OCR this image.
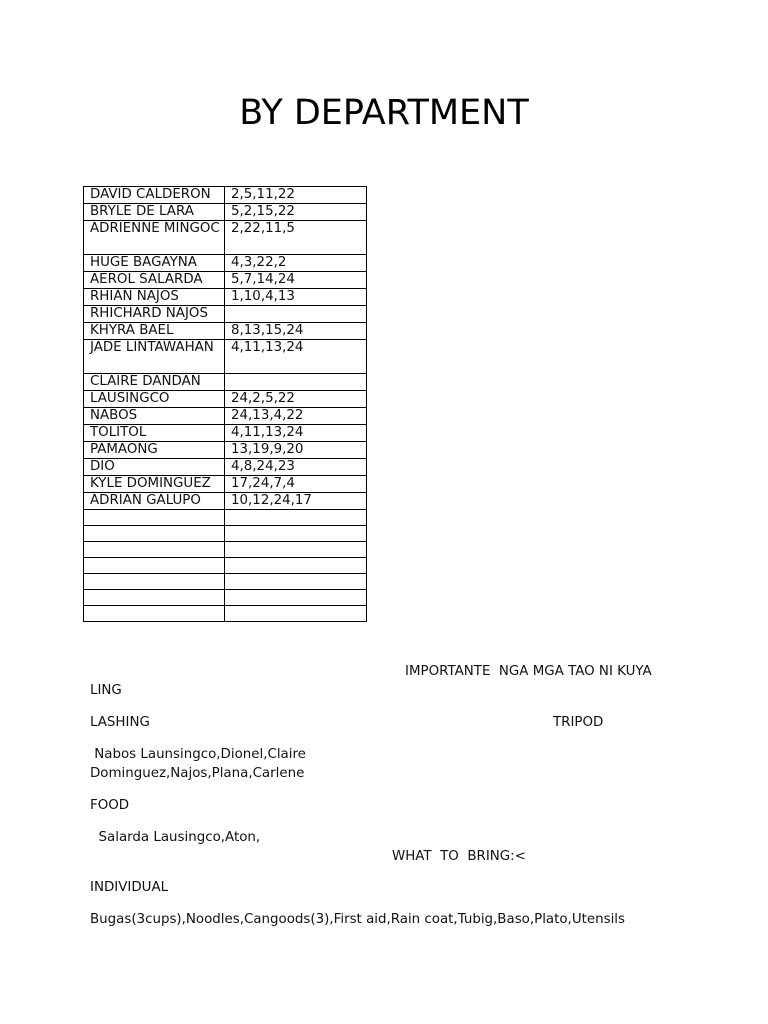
BY DEPARTMENT
DAVID CALDERON	2,5,11,22
BRYLE DE LARA	5,2,15,22
ADRIENNE MINGOC	2,22,11,5
HUGE BAGAYNA	4,3,22,2
AEROL SALARDA	5,7,14,24
RHIAN NAJOS	1,10,4,13
RHICHARD NAJOS	
KHYRA BAEL	8,13,15,24
JADE LINTAWAHAN	4,11,13,24
CLAIRE DANDAN	
LAUSINGCO	24,2,5,22
NABOS	24,13,4,22
TOLITOL	4,11,13,24
PAMAONG	13,19,9,20
DIO	4,8,24,23
KYLE DOMINGUEZ	17,24,7,4
ADRIAN GALUPO	10,12,24,17

IMPORTANTE  NGA MGA TAO NI KUYA
LING
LASHING	TRIPOD
Nabos Launsingco,Dionel,Claire
Dominguez,Najos,Plana,Carlene
FOOD
Salarda Lausingco,Aton,
WHAT  TO  BRING:<
INDIVIDUAL
Bugas(3cups),Noodles,Cangoods(3),First aid,Rain coat,Tubig,Baso,Plato,Utensils
